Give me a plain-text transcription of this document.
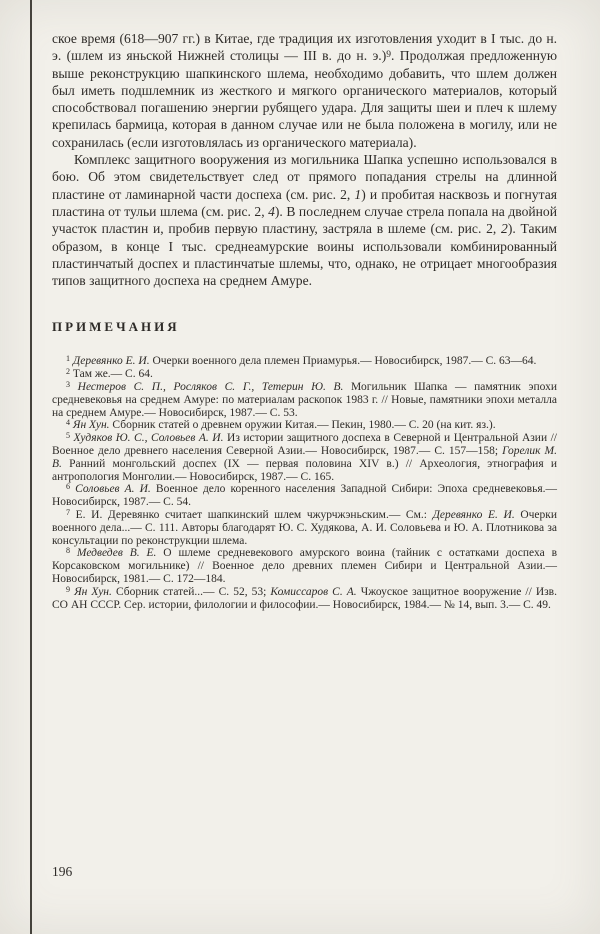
ское время (618—907 гг.) в Китае, где традиция их изготовления уходит в I тыс. до н. э. (шлем из яньской Нижней столицы — III в. до н. э.)$^9$. Продолжая предложенную выше реконструкцию шапкинского шлема, необходимо добавить, что шлем должен был иметь подшлемник из жесткого и мягкого органического материалов, который способствовал погашению энергии рубящего удара. Для защиты шеи и плеч к шлему крепилась бармица, которая в данном случае или не была положена в могилу, или не сохранилась (если изготовлялась из органического материала).

Комплекс защитного вооружения из могильника Шапка успешно использовался в бою. Об этом свидетельствует след от прямого попадания стрелы на длинной пластине от ламинарной части доспеха (см. рис. 2, 1) и пробитая насквозь и погнутая пластина от тульи шлема (см. рис. 2, 4). В последнем случае стрела попала на двойной участок пластин и, пробив первую пластину, застряла в шлеме (см. рис. 2, 2). Таким образом, в конце I тыс. среднеамурские воины использовали комбинированный пластинчатый доспех и пластинчатые шлемы, что, однако, не отрицает многообразия типов защитного доспеха на среднем Амуре.

ПРИМЕЧАНИЯ

$^1$ Деревянко Е. И. Очерки военного дела племен Приамурья.— Новосибирск, 1987.— С. 63—64.

$^2$ Там же.— С. 64.

$^3$ Нестеров С. П., Росляков С. Г., Тетерин Ю. В. Могильник Шапка — памятник эпохи средневековья на среднем Амуре: по материалам раскопок 1983 г. // Новые, памятники эпохи металла на среднем Амуре.— Новосибирск, 1987.— С. 53.

$^4$ Ян Хун. Сборник статей о древнем оружии Китая.— Пекин, 1980.— С. 20 (на кит. яз.).

$^5$ Худяков Ю. С., Соловьев А. И. Из истории защитного доспеха в Северной и Центральной Азии // Военное дело древнего населения Северной Азии.— Новосибирск, 1987.— С. 157—158; Горелик М. В. Ранний монгольский доспех (IX — первая половина XIV в.) // Археология, этнография и антропология Монголии.— Новосибирск, 1987.— С. 165.

$^6$ Соловьев А. И. Военное дело коренного населения Западной Сибири: Эпоха средневековья.— Новосибирск, 1987.— С. 54.

$^7$ Е. И. Деревянко считает шапкинский шлем чжурчжэньским.— См.: Деревянко Е. И. Очерки военного дела...— С. 111. Авторы благодарят Ю. С. Худякова, А. И. Соловьева и Ю. А. Плотникова за консультации по реконструкции шлема.

$^8$ Медведев В. Е. О шлеме средневекового амурского воина (тайник с остатками доспеха в Корсаковском могильнике) // Военное дело древних племен Сибири и Центральной Азии.— Новосибирск, 1981.— С. 172—184.

$^9$ Ян Хун. Сборник статей...— С. 52, 53; Комиссаров С. А. Чжоуское защитное вооружение // Изв. СО АН СССР. Сер. истории, филологии и философии.— Новосибирск, 1984.— № 14, вып. 3.— С. 49.

196
